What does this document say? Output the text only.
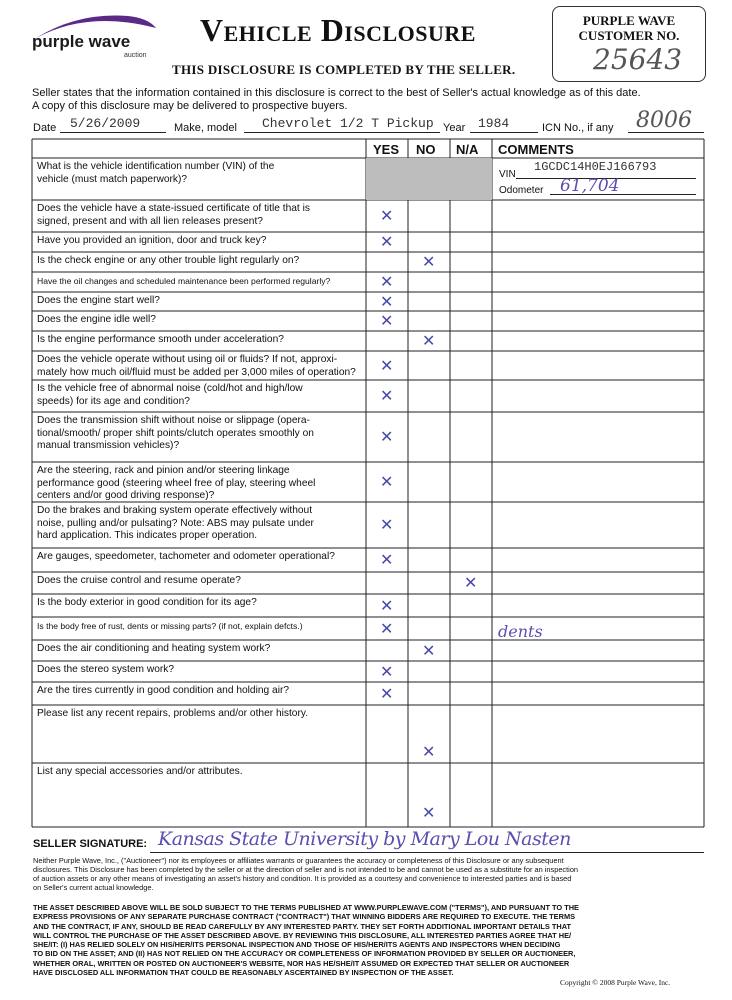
purple wave
auction
Vehicle Disclosure
THIS DISCLOSURE IS COMPLETED BY THE SELLER.
PURPLE WAVE
CUSTOMER NO.
25643
Seller states that the information contained in this disclosure is correct to the best of Seller's actual knowledge as of this date.
A copy of this disclosure may be delivered to prospective buyers.
Date 5/26/2009	Make, model Chevrolet 1/2 T Pickup Year 1984	ICN No., if any 8006
YES NO N/A COMMENTS
VIN
1GCDC14H0EJ166793
Odometer 61,704
What is the vehicle identification number (VIN) of the
vehicle (must match paperwork)?
Does the vehicle have a state-issued certificate of title that is
signed, present and with all lien releases present?
Have you provided an ignition, door and truck key?
Is the check engine or any other trouble light regularly on?
Have the oil changes and scheduled maintenance been performed regularly?
Does the engine start well?
Does the engine idle well?
Is the engine performance smooth under acceleration?
Does the vehicle operate without using oil or fluids? If not, approxi-
mately how much oil/fluid must be added per 3,000 miles of operation?
Is the vehicle free of abnormal noise (cold/hot and high/low
speeds) for its age and condition?
Does the transmission shift without noise or slippage (opera-
tional/smooth/ proper shift points/clutch operates smoothly on
manual transmission vehicles)?
Are the steering, rack and pinion and/or steering linkage
performance good (steering wheel free of play, steering wheel
centers and/or good driving response)?
Do the brakes and braking system operate effectively without
noise, pulling and/or pulsating? Note: ABS may pulsate under
hard application. This indicates proper operation.
Are gauges, speedometer, tachometer and odometer operational?
Does the cruise control and resume operate?
Is the body exterior in good condition for its age?
Is the body free of rust, dents or missing parts? (if not, explain defcts.)
Does the air conditioning and heating system work?
Does the stereo system work?
Are the tires currently in good condition and holding air?
Please list any recent repairs, problems and/or other history.
List any special accessories and/or attributes.
✕
✕
✕
✕
✕
✕
✕
✕
✕
✕
✕
✕
✕
✕
✕
✕
✕
✕
✕
✕
✕
dents
SELLER SIGNATURE: Kansas State University by Mary Lou Nasten
Neither Purple Wave, Inc., ("Auctioneer") nor its employees or affiliates warrants or guarantees the accuracy or completeness of this Disclosure or any subsequent
disclosures. This Disclosure has been completed by the seller or at the direction of seller and is not intended to be and cannot be used as a substitute for an inspection
of auction assets or any other means of investigating an asset's history and condition. It is provided as a courtesy and convenience to interested parties and is based
on Seller's current actual knowledge.
THE ASSET DESCRIBED ABOVE WILL BE SOLD SUBJECT TO THE TERMS PUBLISHED AT WWW.PURPLEWAVE.COM ("TERMS"), AND PURSUANT TO THE
EXPRESS PROVISIONS OF ANY SEPARATE PURCHASE CONTRACT ("CONTRACT") THAT WINNING BIDDERS ARE REQUIRED TO EXECUTE. THE TERMS
AND THE CONTRACT, IF ANY, SHOULD BE READ CAREFULLY BY ANY INTERESTED PARTY. THEY SET FORTH ADDITIONAL IMPORTANT DETAILS THAT
WILL CONTROL THE PURCHASE OF THE ASSET DESCRIBED ABOVE. BY REVIEWING THIS DISCLOSURE, ALL INTERESTED PARTIES AGREE THAT HE/
SHE/IT: (I) HAS RELIED SOLELY ON HIS/HER/ITS PERSONAL INSPECTION AND THOSE OF HIS/HER/ITS AGENTS AND INSPECTORS WHEN DECIDING
TO BID ON THE ASSET; AND (II) HAS NOT RELIED ON THE ACCURACY OR COMPLETENESS OF INFORMATION PROVIDED BY SELLER OR AUCTIONEER,
WHETHER ORAL, WRITTEN OR POSTED ON AUCTIONEER'S WEBSITE, NOR HAS HE/SHE/IT ASSUMED OR EXPECTED THAT SELLER OR AUCTIONEER
HAVE DISCLOSED ALL INFORMATION THAT COULD BE REASONABLY ASCERTAINED BY INSPECTION OF THE ASSET.
Copyright © 2008 Purple Wave, Inc.
